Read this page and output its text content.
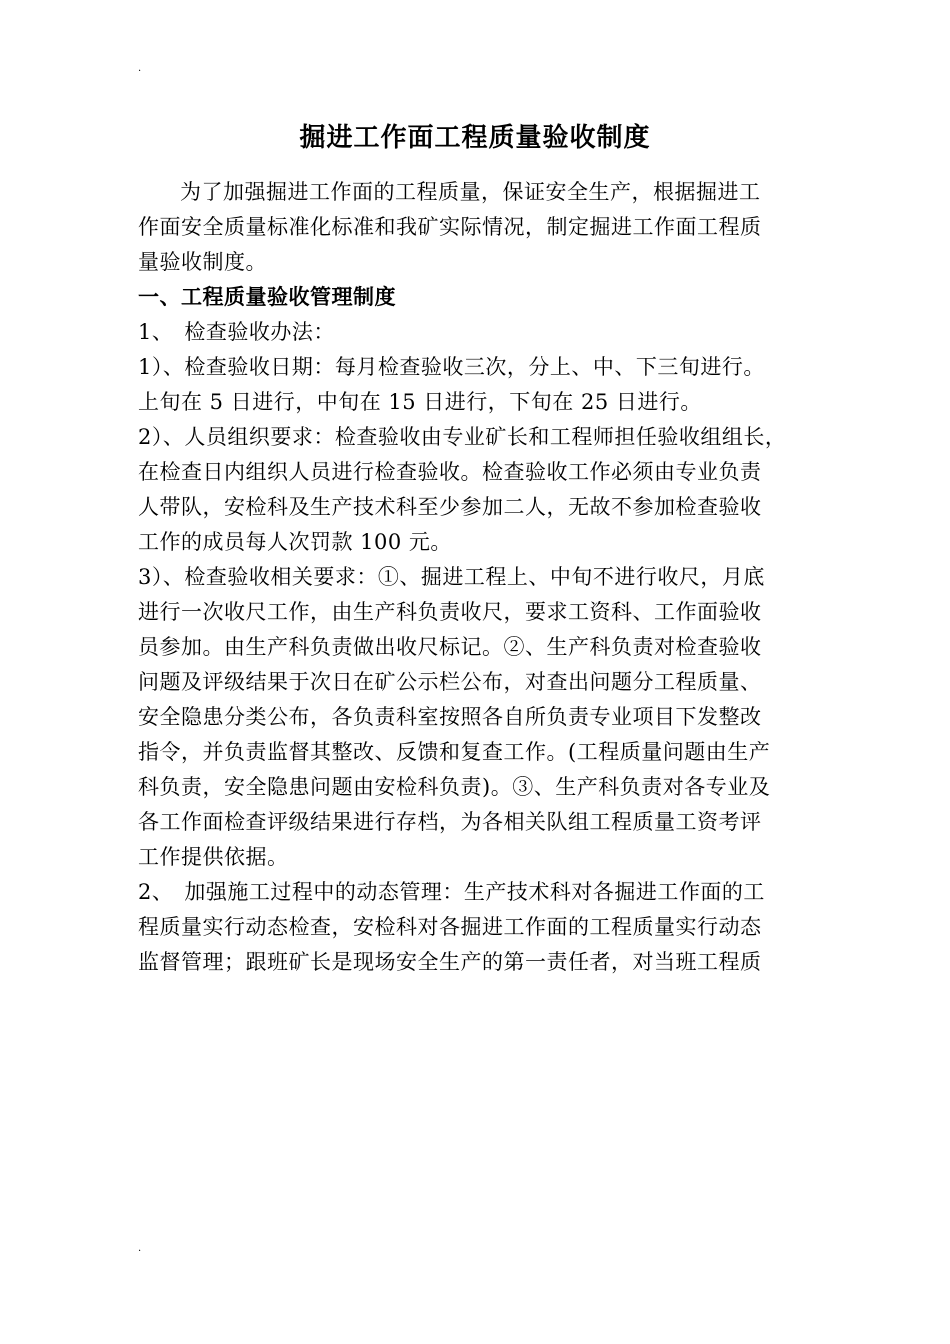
.
掘进工作面工程质量验收制度
为了加强掘进工作面的工程质量，保证安全生产，根据掘进工
作面安全质量标准化标准和我矿实际情况，制定掘进工作面工程质
量验收制度。
一、工程质量验收管理制度
1、　检查验收办法：
1）、检查验收日期：每月检查验收三次，分上、中、下三旬进行。
上旬在 5 日进行，中旬在 15 日进行，下旬在 25 日进行。
2）、人员组织要求：检查验收由专业矿长和工程师担任验收组组长，
在检查日内组织人员进行检查验收。检查验收工作必须由专业负责
人带队，安检科及生产技术科至少参加二人，无故不参加检查验收
工作的成员每人次罚款 100 元。
3）、检查验收相关要求：①、掘进工程上、中旬不进行收尺，月底
进行一次收尺工作，由生产科负责收尺，要求工资科、工作面验收
员参加。由生产科负责做出收尺标记。②、生产科负责对检查验收
问题及评级结果于次日在矿公示栏公布，对查出问题分工程质量、
安全隐患分类公布，各负责科室按照各自所负责专业项目下发整改
指令，并负责监督其整改、反馈和复查工作。(工程质量问题由生产
科负责，安全隐患问题由安检科负责)。③、生产科负责对各专业及
各工作面检查评级结果进行存档，为各相关队组工程质量工资考评
工作提供依据。
2、　加强施工过程中的动态管理：生产技术科对各掘进工作面的工
程质量实行动态检查，安检科对各掘进工作面的工程质量实行动态
监督管理；跟班矿长是现场安全生产的第一责任者，对当班工程质
.
